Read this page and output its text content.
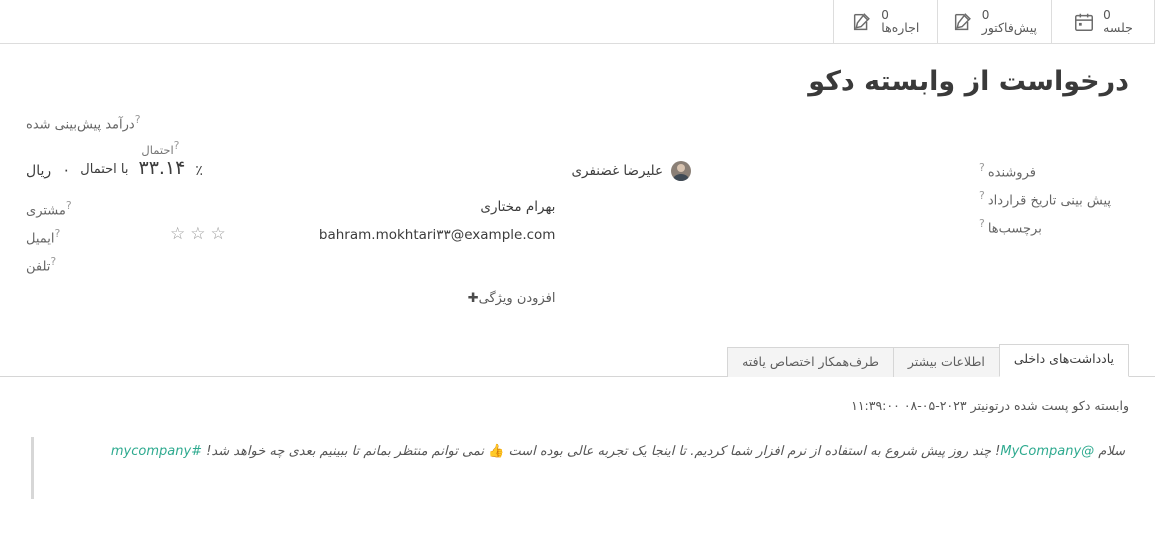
0
جلسه
0
پیش‌فاکتور
0
اجاره‌ها
درخواست از وابسته دکو
فروشنده?
علیرضا غضنفری
پیش بینی تاریخ قرارداد?
برچسب‌ها?
?درآمد پیش‌بینی شده
۰ ریال	با احتمال
?احتمال
۳۳.۱۴ ٪
?مشتری	بهرام مختاری
?ایمیل	bahram.mokhtari۳۳@example.com
?تلفن
افزودن ویژگی✚
☆
☆
☆
یادداشت‌های داخلی
اطلاعات بیشتر
طرف‌همکار اختصاص یافته
وابسته دکو پست شده درتونیتر ۲۰۲۳-۰۵-۰۸ ۱۱:۳۹:۰۰
سلام @MyCompany! چند روز پیش شروع به استفاده از نرم افزار شما کردیم. تا اینجا یک تجربه عالی بوده است 👍 نمی توانم منتظر بمانم تا ببینیم بعدی چه خواهد شد! #mycompany
